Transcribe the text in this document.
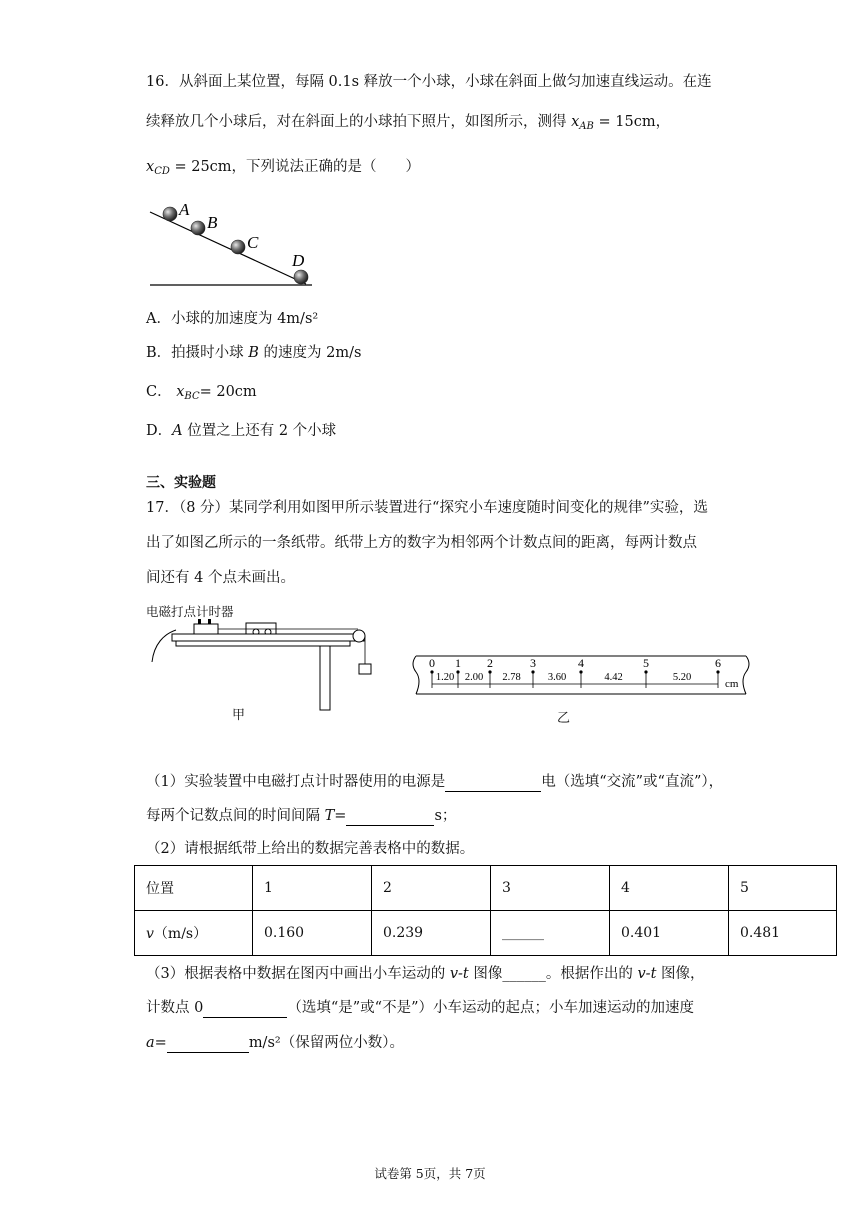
16．从斜面上某位置，每隔 0.1s 释放一个小球，小球在斜面上做匀加速直线运动。在连
续释放几个小球后，对在斜面上的小球拍下照片，如图所示，测得 $x_{AB} = 15cm$，
$x_{CD} = 25cm$，下列说法正确的是（　　）
A
B
C
D
A．小球的加速度为 4m/s²
B．拍摄时小球 B 的速度为 2m/s
C． $x_{BC}= 20cm$
D．A 位置之上还有 2 个小球
三、实验题
17．（8 分）某同学利用如图甲所示装置进行“探究小车速度随时间变化的规律”实验，选
出了如图乙所示的一条纸带。纸带上方的数字为相邻两个计数点间的距离，每两计数点
间还有 4 个点未画出。
电磁打点计时器
甲
0 1 2	3	4	5	6
1.20 2.00 2.78	3.60	4.42	5.20
cm
乙
（1）实验装置中电磁打点计时器使用的电源是	电（选填“交流”或“直流”），
每两个记数点间的时间间隔 T=	s；
（2）请根据纸带上给出的数据完善表格中的数据。
位置	1	2	3	4	5
v（m/s）	0.160	0.239	______	0.401	0.481
（3）根据表格中数据在图丙中画出小车运动的 v-t 图像______。根据作出的 v-t 图像，
计数点 0	（选填“是”或“不是”）小车运动的起点；小车加速运动的加速度
a=	m/s²（保留两位小数）。
试卷第 5页，共 7页
